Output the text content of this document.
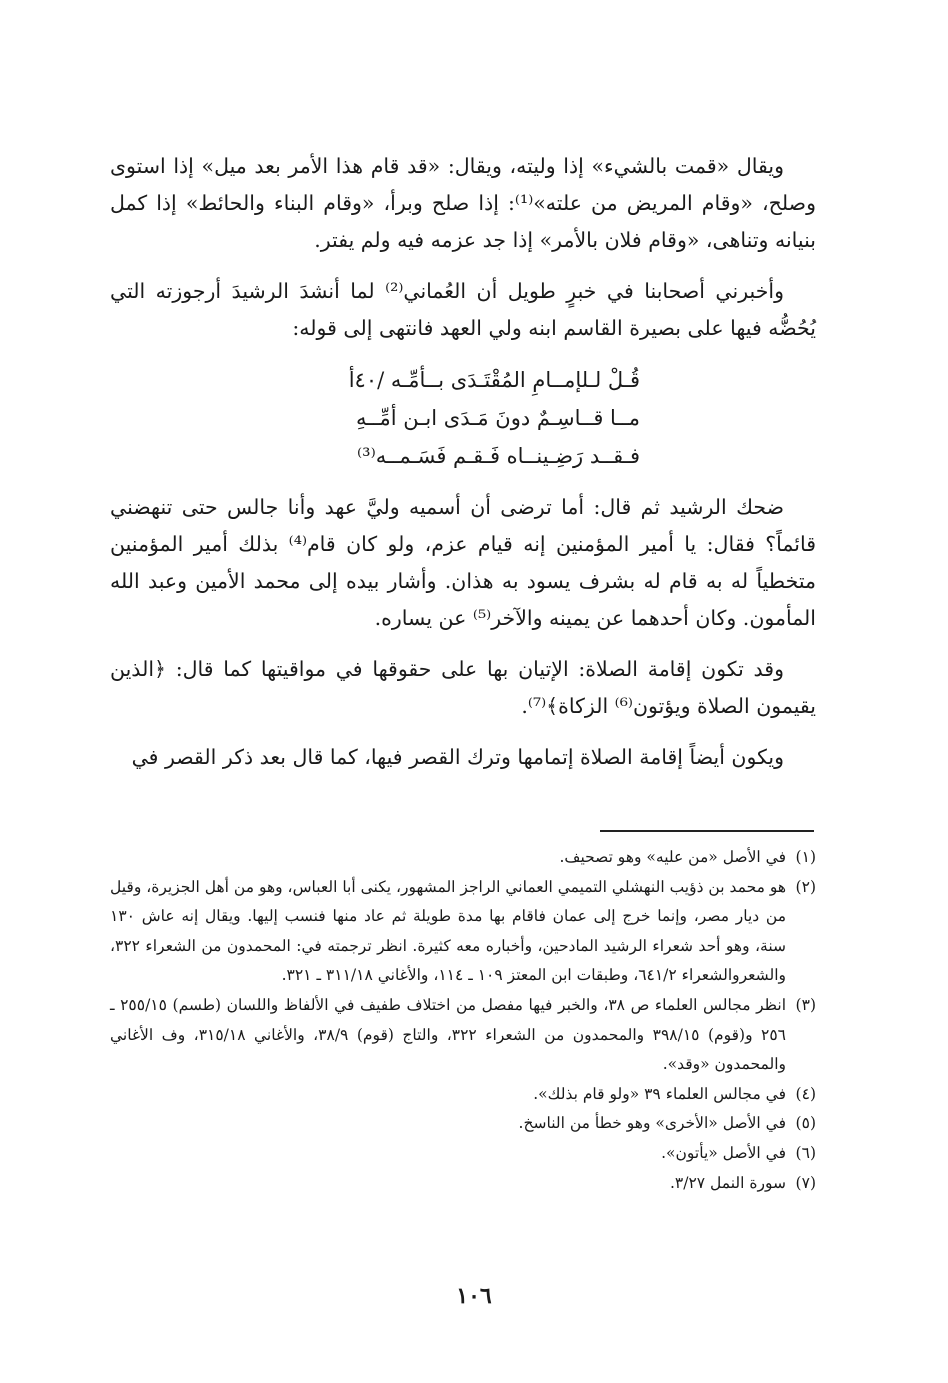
ويقال «قمت بالشيء» إذا وليته، ويقال: «قد قام هذا الأمر بعد ميل» إذا استوى وصلح، «وقام المريض من علته»⁽¹⁾: إذا صلح وبرأ، «وقام البناء والحائط» إذا كمل بنيانه وتناهى، «وقام فلان بالأمر» إذا جد عزمه فيه ولم يفتر.

وأخبرني أصحابنا في خبرٍ طويل أن العُماني⁽²⁾ لما أنشدَ الرشيدَ أرجوزته التي يُحُضُّه فيها على بصيرة القاسم ابنه ولي العهد فانتهى إلى قوله:

قُـلْ لـلإمــامِ المُقْتَـدَى بــأمِّـه /٤٠أ
مــا قــاسِـمٌ دونَ مَـدَى ابـن أمِّــهِ
فـقــد رَضِـينــاه فَـقـم فَسَـمــه⁽³⁾

ضحك الرشيد ثم قال: أما ترضى أن أسميه وليَّ عهد وأنا جالس حتى تنهضني قائماً؟ فقال: يا أمير المؤمنين إنه قيام عزم، ولو كان قام⁽⁴⁾ بذلك أمير المؤمنين متخطياً له به قام له بشرف يسود به هذان. وأشار بيده إلى محمد الأمين وعبد الله المأمون. وكان أحدهما عن يمينه والآخر⁽⁵⁾ عن يساره.

وقد تكون إقامة الصلاة: الإتيان بها على حقوقها في مواقيتها كما قال: ﴿الذين يقيمون الصلاة ويؤتون⁽⁶⁾ الزكاة﴾⁽⁷⁾.

ويكون أيضاً إقامة الصلاة إتمامها وترك القصر فيها، كما قال بعد ذكر القصر في

(١)
في الأصل «من عليه» وهو تصحيف.
(٢)
هو محمد بن ذؤيب النهشلي التميمي العماني الراجز المشهور، يكنى أبا العباس، وهو من أهل الجزيرة، وقيل من ديار مصر، وإنما خرج إلى عمان فاقام بها مدة طويلة ثم عاد منها فنسب إليها. ويقال إنه عاش ١٣٠ سنة، وهو أحد شعراء الرشيد المادحين، وأخباره معه كثيرة. انظر ترجمته في: المحمدون من الشعراء ٣٢٢، والشعروالشعراء ٦٤١/٢، وطبقات ابن المعتز ١٠٩ ـ ١١٤، والأغاني ٣١١/١٨ ـ ٣٢١.
(٣)
انظر مجالس العلماء ص ٣٨، والخبر فيها مفصل من اختلاف طفيف في الألفاظ واللسان (طسم) ٢٥٥/١٥ ـ ٢٥٦ و(قوم) ٣٩٨/١٥ والمحمدون من الشعراء ٣٢٢، والتاج (قوم) ٣٨/٩، والأغاني ٣١٥/١٨، وف الأغاني والمحمدون «وقد».
(٤)
في مجالس العلماء ٣٩ «ولو قام بذلك».
(٥)
في الأصل «الأخرى» وهو خطأ من الناسخ.
(٦)
في الأصل «يأتون».
(٧)
سورة النمل ٣/٢٧.
١٠٦
